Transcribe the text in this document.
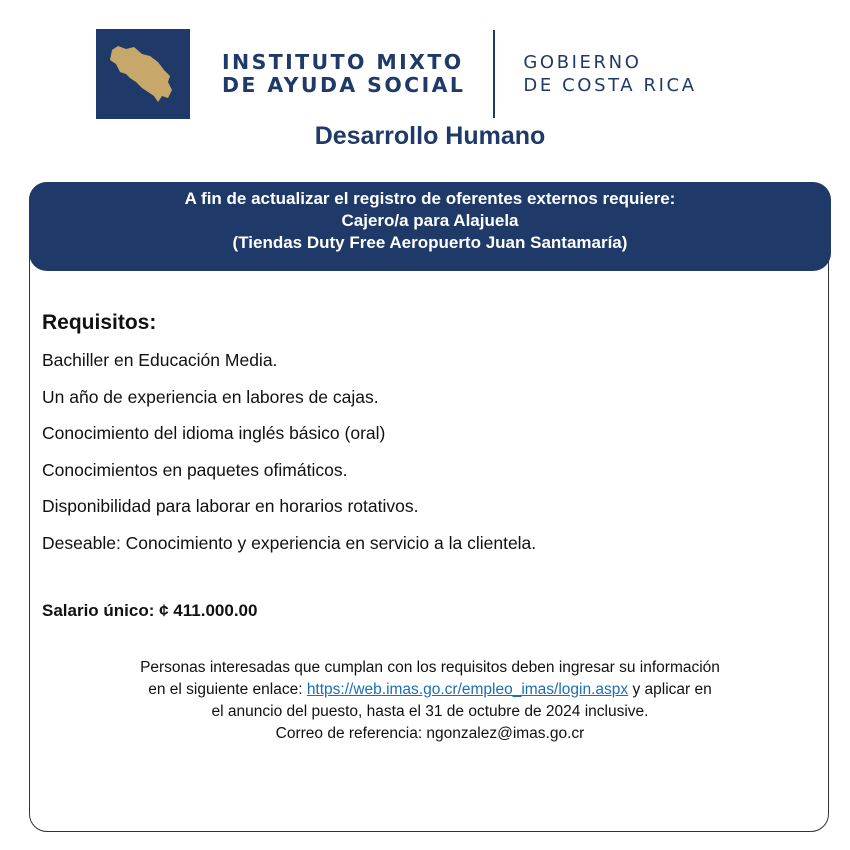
INSTITUTO MIXTO
DE AYUDA SOCIAL
GOBIERNO
DE COSTA RICA
Desarrollo Humano
A fin de actualizar el registro de oferentes externos requiere:
Cajero/a para Alajuela
(Tiendas Duty Free Aeropuerto Juan Santamaría)
Requisitos:
Bachiller en Educación Media.
Un año de experiencia en labores de cajas.
Conocimiento del idioma inglés básico (oral)
Conocimientos en paquetes ofimáticos.
Disponibilidad para laborar en horarios rotativos.
Deseable: Conocimiento y experiencia en servicio a la clientela.
Salario único: ¢ 411.000.00
Personas interesadas que cumplan con los requisitos deben ingresar su información
en el siguiente enlace: https://web.imas.go.cr/empleo_imas/login.aspx y aplicar en
el anuncio del puesto, hasta el 31 de octubre de 2024 inclusive.
Correo de referencia: ngonzalez@imas.go.cr
